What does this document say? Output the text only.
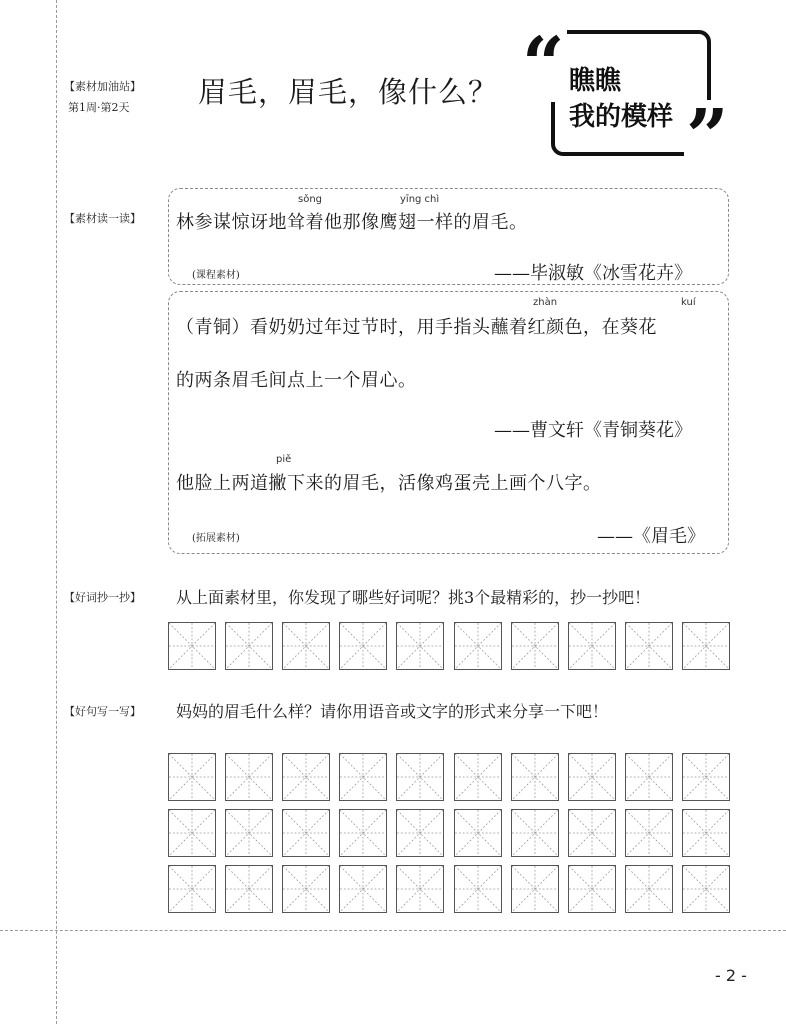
【素材加油站】
第1周·第2天
【素材读一读】
【好词抄一抄】
【好句写一写】
眉毛，眉毛，像什么？ “
”
瞧瞧
我的模样
sǒng	yīng chì
林参谋惊讶地耸着他那像鹰翅一样的眉毛。
(课程素材)	——毕淑敏《冰雪花卉》
zhàn	kuí
（青铜）看奶奶过年过节时，用手指头蘸着红颜色，在葵花
的两条眉毛间点上一个眉心。
——曹文轩《青铜葵花》
piě
他脸上两道撇下来的眉毛，活像鸡蛋壳上画个八字。
(拓展素材)	——《眉毛》
从上面素材里，你发现了哪些好词呢？挑3个最精彩的，抄一抄吧！
妈妈的眉毛什么样？请你用语音或文字的形式来分享一下吧！
- 2 -
